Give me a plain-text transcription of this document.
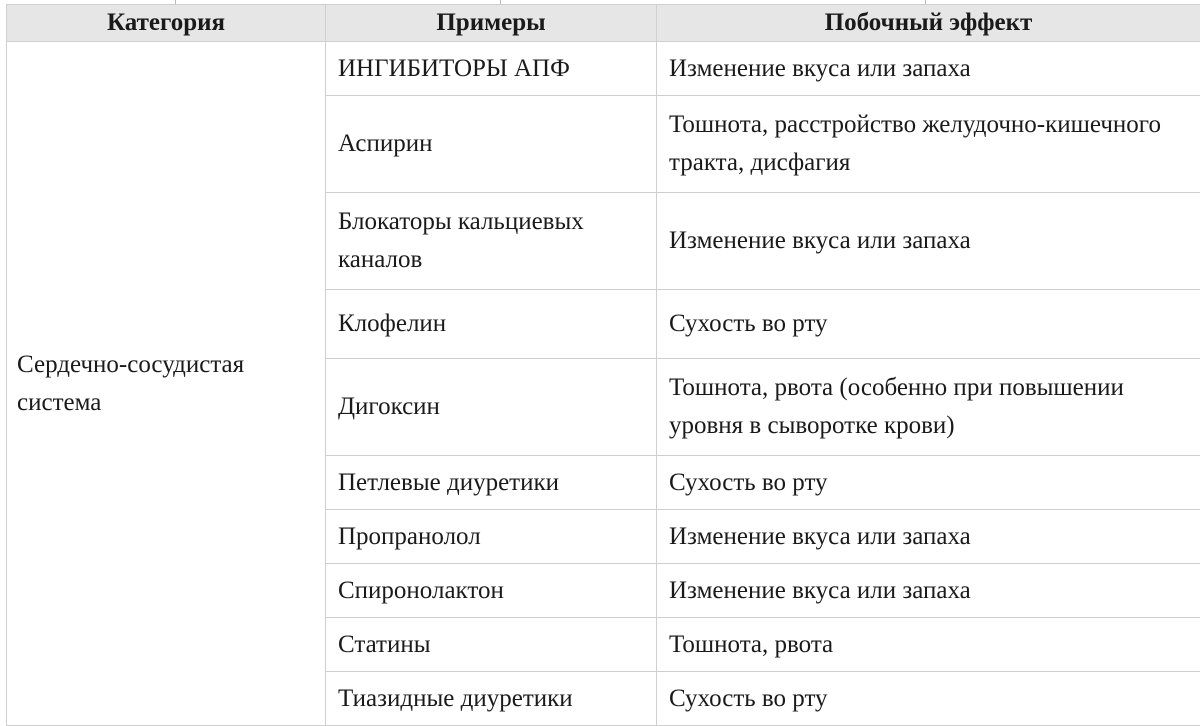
Категория	Примеры	Побочный эффект
Сердечно-сосудистая система	ИНГИБИТОРЫ АПФ	Изменение вкуса или запаха
	Аспирин	Тошнота, расстройство желудочно-кишечного тракта, дисфагия
	Блокаторы кальциевых каналов	Изменение вкуса или запаха
	Клофелин	Сухость во рту
	Дигоксин	Тошнота, рвота (особенно при повышении уровня в сыворотке крови)
	Петлевые диуретики	Сухость во рту
	Пропранолол	Изменение вкуса или запаха
	Спиронолактон	Изменение вкуса или запаха
	Статины	Тошнота, рвота
	Тиазидные диуретики	Сухость во рту
